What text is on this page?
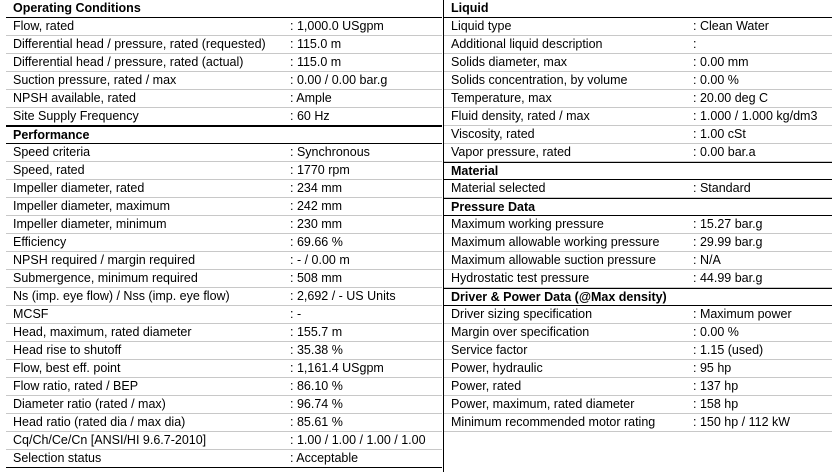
Operating Conditions
Flow, rated	: 1,000.0 USgpm
Differential head / pressure, rated (requested) : 115.0 m
Differential head / pressure, rated (actual)	: 115.0 m
Suction pressure, rated / max	: 0.00 / 0.00 bar.g
NPSH available, rated	: Ample
Site Supply Frequency	: 60 Hz
Performance
Speed criteria	: Synchronous
Speed, rated	: 1770 rpm
Impeller diameter, rated	: 234 mm
Impeller diameter, maximum	: 242 mm
Impeller diameter, minimum	: 230 mm
Efficiency	: 69.66 %
NPSH required / margin required	: - / 0.00 m
Submergence, minimum required	: 508 mm
Ns (imp. eye flow) / Nss (imp. eye flow)	: 2,692 / - US Units
MCSF	: -
Head, maximum, rated diameter	: 155.7 m
Head rise to shutoff	: 35.38 %
Flow, best eff. point	: 1,161.4 USgpm
Flow ratio, rated / BEP	: 86.10 %
Diameter ratio (rated / max)	: 96.74 %
Head ratio (rated dia / max dia)	: 85.61 %
Cq/Ch/Ce/Cn [ANSI/HI 9.6.7-2010]	: 1.00 / 1.00 / 1.00 / 1.00
Selection status	: Acceptable
Liquid
Liquid type	: Clean Water
Additional liquid description	:
Solids diameter, max	: 0.00 mm
Solids concentration, by volume	: 0.00 %
Temperature, max	: 20.00 deg C
Fluid density, rated / max	: 1.000 / 1.000 kg/dm3
Viscosity, rated	: 1.00 cSt
Vapor pressure, rated	: 0.00 bar.a
Material
Material selected	: Standard
Pressure Data
Maximum working pressure	: 15.27 bar.g
Maximum allowable working pressure	: 29.99 bar.g
Maximum allowable suction pressure	: N/A
Hydrostatic test pressure	: 44.99 bar.g
Driver & Power Data (@Max density)
Driver sizing specification	: Maximum power
Margin over specification	: 0.00 %
Service factor	: 1.15 (used)
Power, hydraulic	: 95 hp
Power, rated	: 137 hp
Power, maximum, rated diameter	: 158 hp
Minimum recommended motor rating	: 150 hp / 112 kW
